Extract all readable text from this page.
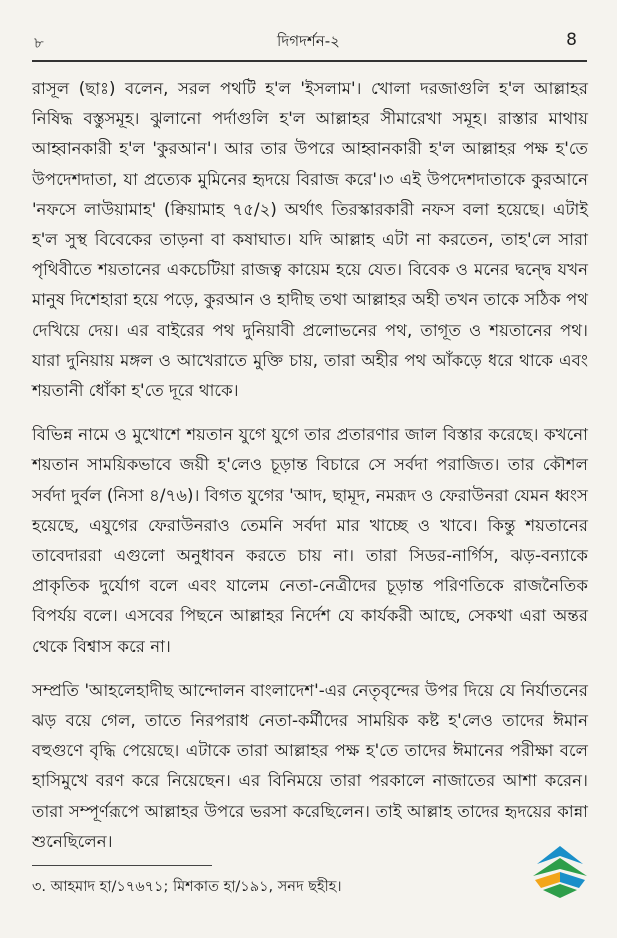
৮	দিগদর্শন-২	8

রাসূল (ছাঃ) বলেন, সরল পথটি হ'ল 'ইসলাম'। খোলা দরজাগুলি হ'ল আল্লাহর নিষিদ্ধ বস্তুসমূহ। ঝুলানো পর্দাগুলি হ'ল আল্লাহর সীমারেখা সমূহ। রাস্তার মাথায় আহ্বানকারী হ'ল 'কুরআন'। আর তার উপরে আহ্বানকারী হ'ল আল্লাহর পক্ষ হ'তে উপদেশদাতা, যা প্রত্যেক মুমিনের হৃদয়ে বিরাজ করে'।৩ এই উপদেশদাতাকে কুরআনে 'নফসে লাউয়ামাহ' (ক্বিয়ামাহ ৭৫/২) অর্থাৎ তিরস্কারকারী নফস বলা হয়েছে। এটাই হ'ল সুস্থ বিবেকের তাড়না বা কষাঘাত। যদি আল্লাহ এটা না করতেন, তাহ'লে সারা পৃথিবীতে শয়তানের একচেটিয়া রাজত্ব কায়েম হয়ে যেত। বিবেক ও মনের দ্বন্দ্বে যখন মানুষ দিশেহারা হয়ে পড়ে, কুরআন ও হাদীছ তথা আল্লাহর অহী তখন তাকে সঠিক পথ দেখিয়ে দেয়। এর বাইরের পথ দুনিয়াবী প্রলোভনের পথ, তাগূত ও শয়তানের পথ। যারা দুনিয়ায় মঙ্গল ও আখেরাতে মুক্তি চায়, তারা অহীর পথ আঁকড়ে ধরে থাকে এবং শয়তানী ধোঁকা হ'তে দূরে থাকে।

বিভিন্ন নামে ও মুখোশে শয়তান যুগে যুগে তার প্রতারণার জাল বিস্তার করেছে। কখনো শয়তান সাময়িকভাবে জয়ী হ'লেও চূড়ান্ত বিচারে সে সর্বদা পরাজিত। তার কৌশল সর্বদা দুর্বল (নিসা ৪/৭৬)। বিগত যুগের 'আদ, ছামূদ, নমরূদ ও ফেরাউনরা যেমন ধ্বংস হয়েছে, এযুগের ফেরাউনরাও তেমনি সর্বদা মার খাচ্ছে ও খাবে। কিন্তু শয়তানের তাবেদাররা এগুলো অনুধাবন করতে চায় না। তারা সিডর-নার্গিস, ঝড়-বন্যাকে প্রাকৃতিক দুর্যোগ বলে এবং যালেম নেতা-নেত্রীদের চূড়ান্ত পরিণতিকে রাজনৈতিক বিপর্যয় বলে। এসবের পিছনে আল্লাহর নির্দেশ যে কার্যকরী আছে, সেকথা এরা অন্তর থেকে বিশ্বাস করে না।

সম্প্রতি 'আহলেহাদীছ আন্দোলন বাংলাদেশ'-এর নেতৃবৃন্দের উপর দিয়ে যে নির্যাতনের ঝড় বয়ে গেল, তাতে নিরপরাধ নেতা-কর্মীদের সাময়িক কষ্ট হ'লেও তাদের ঈমান বহুগুণে বৃদ্ধি পেয়েছে। এটাকে তারা আল্লাহর পক্ষ হ'তে তাদের ঈমানের পরীক্ষা বলে হাসিমুখে বরণ করে নিয়েছেন। এর বিনিময়ে তারা পরকালে নাজাতের আশা করেন। তারা সম্পূর্ণরূপে আল্লাহর উপরে ভরসা করেছিলেন। তাই আল্লাহ তাদের হৃদয়ের কান্না শুনেছিলেন।

৩. আহমাদ হা/১৭৬৭১; মিশকাত হা/১৯১, সনদ ছহীহ।
